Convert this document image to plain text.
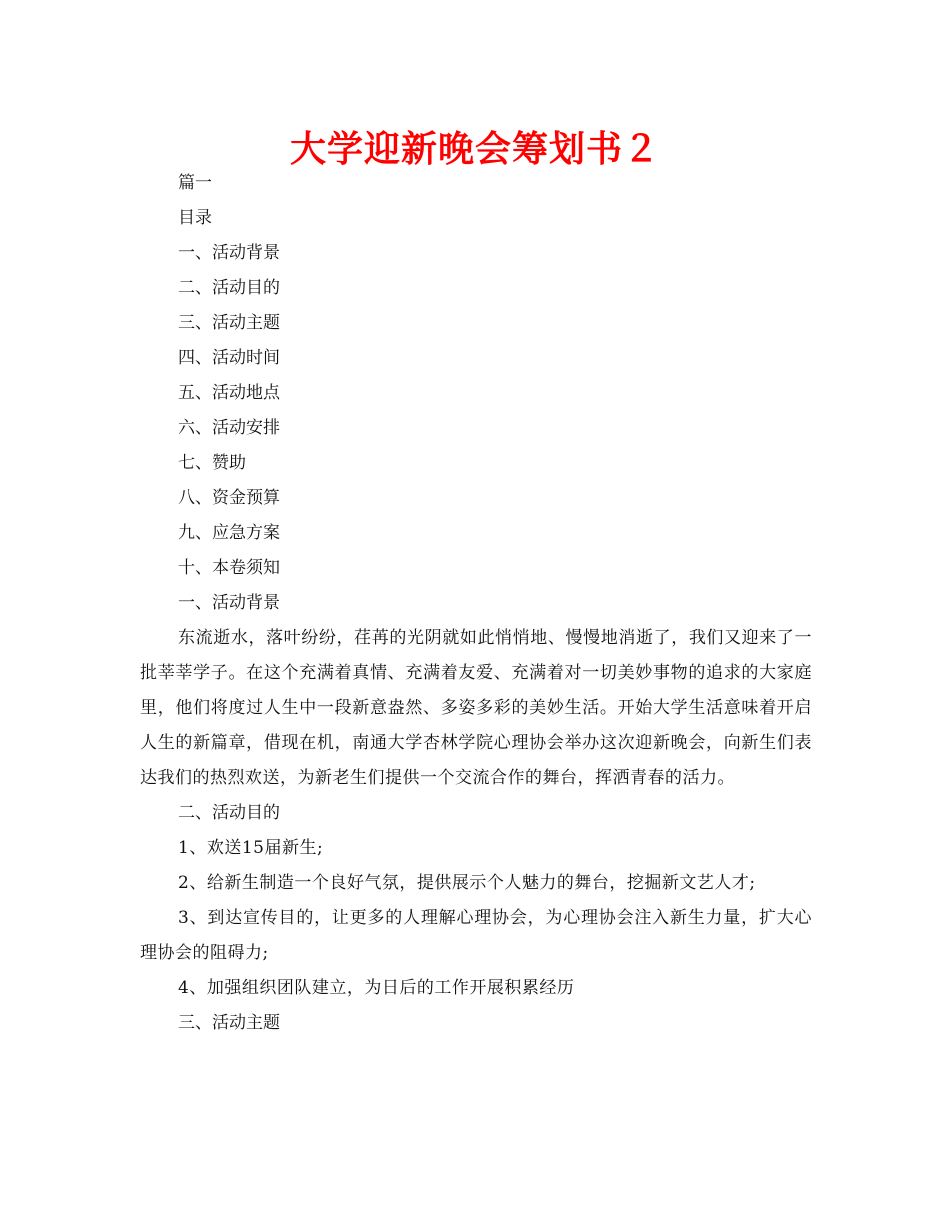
大学迎新晚会筹划书２

篇一

目录

一、活动背景

二、活动目的

三、活动主题

四、活动时间

五、活动地点

六、活动安排

七、赞助

八、资金预算

九、应急方案

十、本卷须知

一、活动背景

东流逝水，落叶纷纷，荏苒的光阴就如此悄悄地、慢慢地消逝了，我们又迎来了一批莘莘学子。在这个充满着真情、充满着友爱、充满着对一切美妙事物的追求的大家庭里，他们将度过人生中一段新意盎然、多姿多彩的美妙生活。开始大学生活意味着开启人生的新篇章，借现在机，南通大学杏林学院心理协会举办这次迎新晚会，向新生们表达我们的热烈欢送，为新老生们提供一个交流合作的舞台，挥洒青春的活力。

二、活动目的

1、欢送15届新生;

2、给新生制造一个良好气氛，提供展示个人魅力的舞台，挖掘新文艺人才;

3、到达宣传目的，让更多的人理解心理协会，为心理协会注入新生力量，扩大心理协会的阻碍力;

4、加强组织团队建立，为日后的工作开展积累经历

三、活动主题
